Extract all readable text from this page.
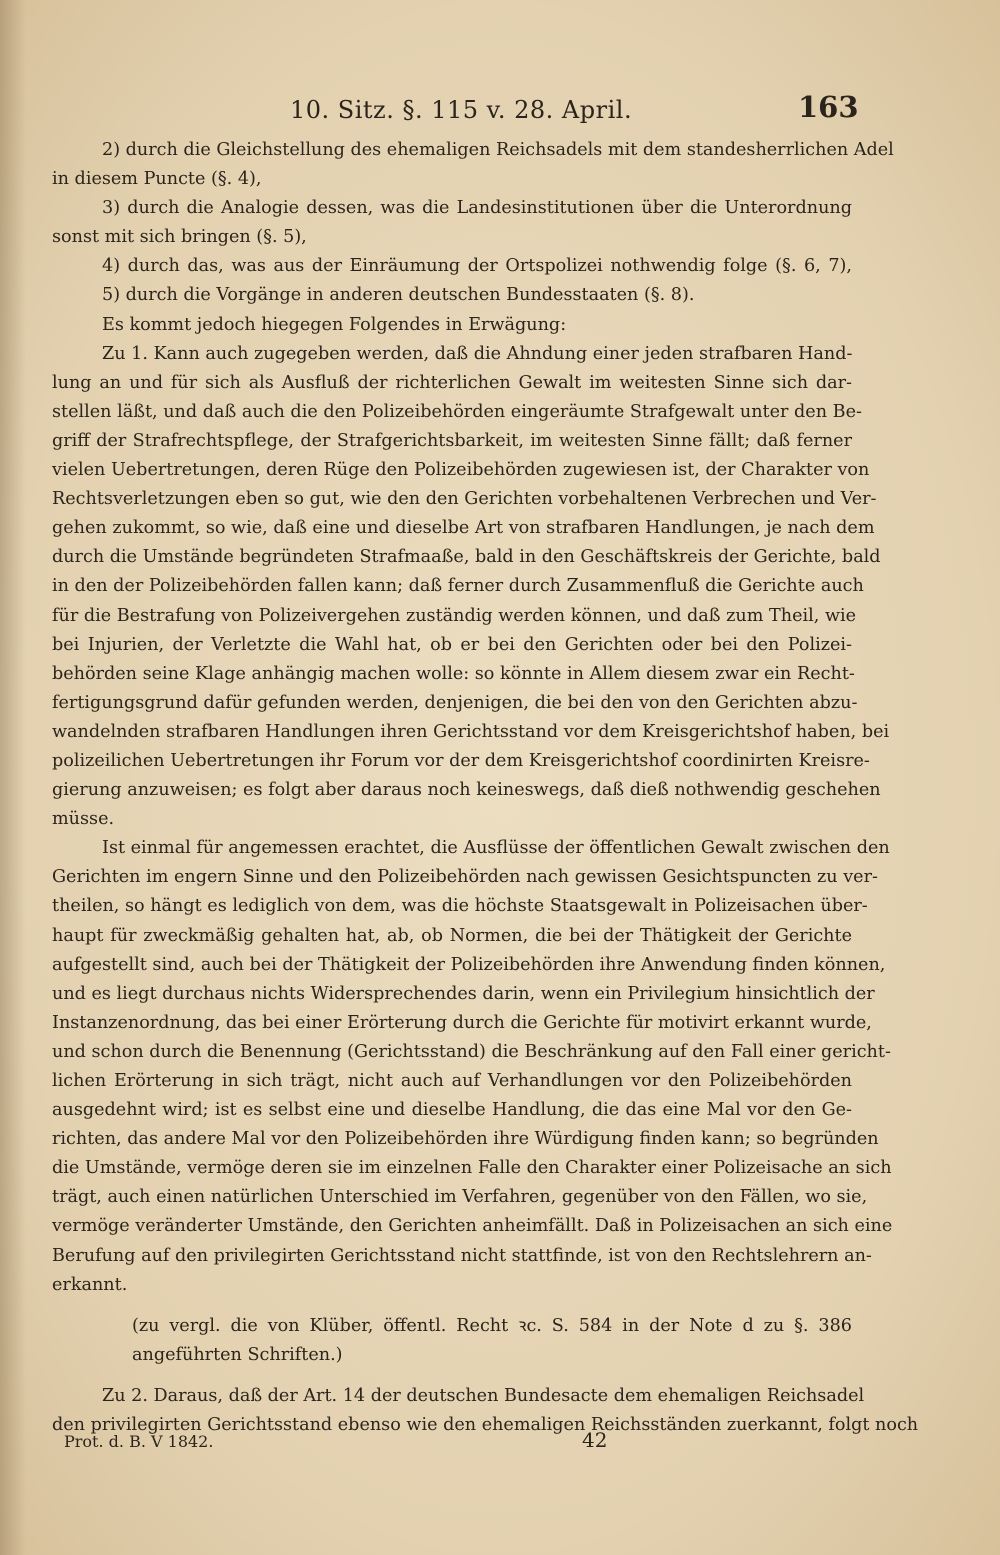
10. Sitz. §. 115 v. 28. April.	163
2) durch die Gleichstellung des ehemaligen Reichsadels mit dem standesherrlichen Adel
in diesem Puncte (§. 4),
3) durch die Analogie dessen, was die Landesinstitutionen über die Unterordnung
sonst mit sich bringen (§. 5),
4) durch das, was aus der Einräumung der Ortspolizei nothwendig folge (§. 6, 7),
5) durch die Vorgänge in anderen deutschen Bundesstaaten (§. 8).
Es kommt jedoch hiegegen Folgendes in Erwägung:
Zu 1. Kann auch zugegeben werden, daß die Ahndung einer jeden strafbaren Hand-
lung an und für sich als Ausfluß der richterlichen Gewalt im weitesten Sinne sich dar-
stellen läßt, und daß auch die den Polizeibehörden eingeräumte Strafgewalt unter den Be-
griff der Strafrechtspflege, der Strafgerichtsbarkeit, im weitesten Sinne fällt; daß ferner
vielen Uebertretungen, deren Rüge den Polizeibehörden zugewiesen ist, der Charakter von
Rechtsverletzungen eben so gut, wie den den Gerichten vorbehaltenen Verbrechen und Ver-
gehen zukommt, so wie, daß eine und dieselbe Art von strafbaren Handlungen, je nach dem
durch die Umstände begründeten Strafmaaße, bald in den Geschäftskreis der Gerichte, bald
in den der Polizeibehörden fallen kann; daß ferner durch Zusammenfluß die Gerichte auch
für die Bestrafung von Polizeivergehen zuständig werden können, und daß zum Theil, wie
bei Injurien, der Verletzte die Wahl hat, ob er bei den Gerichten oder bei den Polizei-
behörden seine Klage anhängig machen wolle: so könnte in Allem diesem zwar ein Recht-
fertigungsgrund dafür gefunden werden, denjenigen, die bei den von den Gerichten abzu-
wandelnden strafbaren Handlungen ihren Gerichtsstand vor dem Kreisgerichtshof haben, bei
polizeilichen Uebertretungen ihr Forum vor der dem Kreisgerichtshof coordinirten Kreisre-
gierung anzuweisen; es folgt aber daraus noch keineswegs, daß dieß nothwendig geschehen
müsse.
Ist einmal für angemessen erachtet, die Ausflüsse der öffentlichen Gewalt zwischen den
Gerichten im engern Sinne und den Polizeibehörden nach gewissen Gesichtspuncten zu ver-
theilen, so hängt es lediglich von dem, was die höchste Staatsgewalt in Polizeisachen über-
haupt für zweckmäßig gehalten hat, ab, ob Normen, die bei der Thätigkeit der Gerichte
aufgestellt sind, auch bei der Thätigkeit der Polizeibehörden ihre Anwendung finden können,
und es liegt durchaus nichts Widersprechendes darin, wenn ein Privilegium hinsichtlich der
Instanzenordnung, das bei einer Erörterung durch die Gerichte für motivirt erkannt wurde,
und schon durch die Benennung (Gerichtsstand) die Beschränkung auf den Fall einer gericht-
lichen Erörterung in sich trägt, nicht auch auf Verhandlungen vor den Polizeibehörden
ausgedehnt wird; ist es selbst eine und dieselbe Handlung, die das eine Mal vor den Ge-
richten, das andere Mal vor den Polizeibehörden ihre Würdigung finden kann; so begründen
die Umstände, vermöge deren sie im einzelnen Falle den Charakter einer Polizeisache an sich
trägt, auch einen natürlichen Unterschied im Verfahren, gegenüber von den Fällen, wo sie,
vermöge veränderter Umstände, den Gerichten anheimfällt. Daß in Polizeisachen an sich eine
Berufung auf den privilegirten Gerichtsstand nicht stattfinde, ist von den Rechtslehrern an-
erkannt.
(zu vergl. die von Klüber, öffentl. Recht ꝛc. S. 584 in der Note d zu §. 386
angeführten Schriften.)
Zu 2. Daraus, daß der Art. 14 der deutschen Bundesacte dem ehemaligen Reichsadel
den privilegirten Gerichtsstand ebenso wie den ehemaligen Reichsständen zuerkannt, folgt noch
Prot. d. B. V 1842.	42
